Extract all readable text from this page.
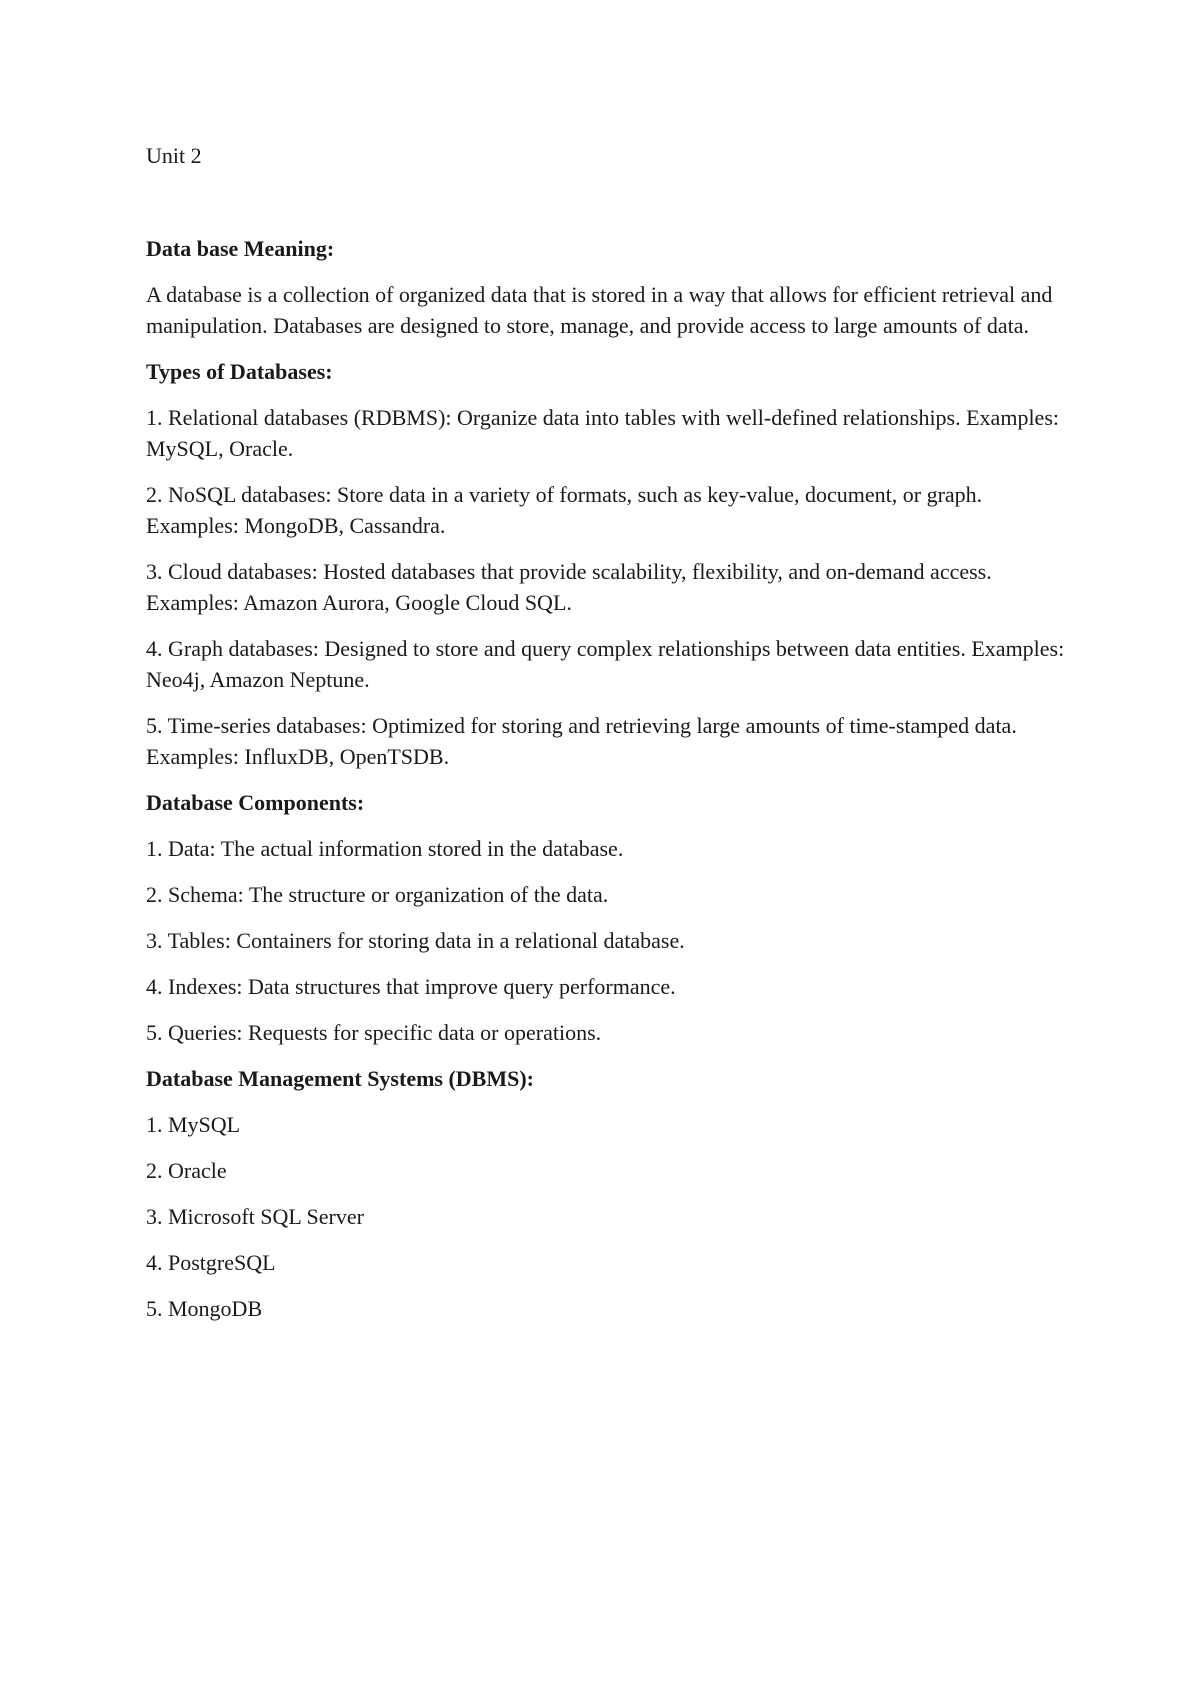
Unit 2
Data base Meaning:

A database is a collection of organized data that is stored in a way that allows for efficient retrieval and manipulation. Databases are designed to store, manage, and provide access to large amounts of data.

Types of Databases:
1. Relational databases (RDBMS): Organize data into tables with well-defined relationships. Examples: MySQL, Oracle.
2. NoSQL databases: Store data in a variety of formats, such as key-value, document, or graph. Examples: MongoDB, Cassandra.
3. Cloud databases: Hosted databases that provide scalability, flexibility, and on-demand access. Examples: Amazon Aurora, Google Cloud SQL.
4. Graph databases: Designed to store and query complex relationships between data entities. Examples: Neo4j, Amazon Neptune.
5. Time-series databases: Optimized for storing and retrieving large amounts of time-stamped data. Examples: InfluxDB, OpenTSDB.
Database Components:
1. Data: The actual information stored in the database.
2. Schema: The structure or organization of the data.
3. Tables: Containers for storing data in a relational database.
4. Indexes: Data structures that improve query performance.
5. Queries: Requests for specific data or operations.
Database Management Systems (DBMS):
1. MySQL
2. Oracle
3. Microsoft SQL Server
4. PostgreSQL
5. MongoDB
